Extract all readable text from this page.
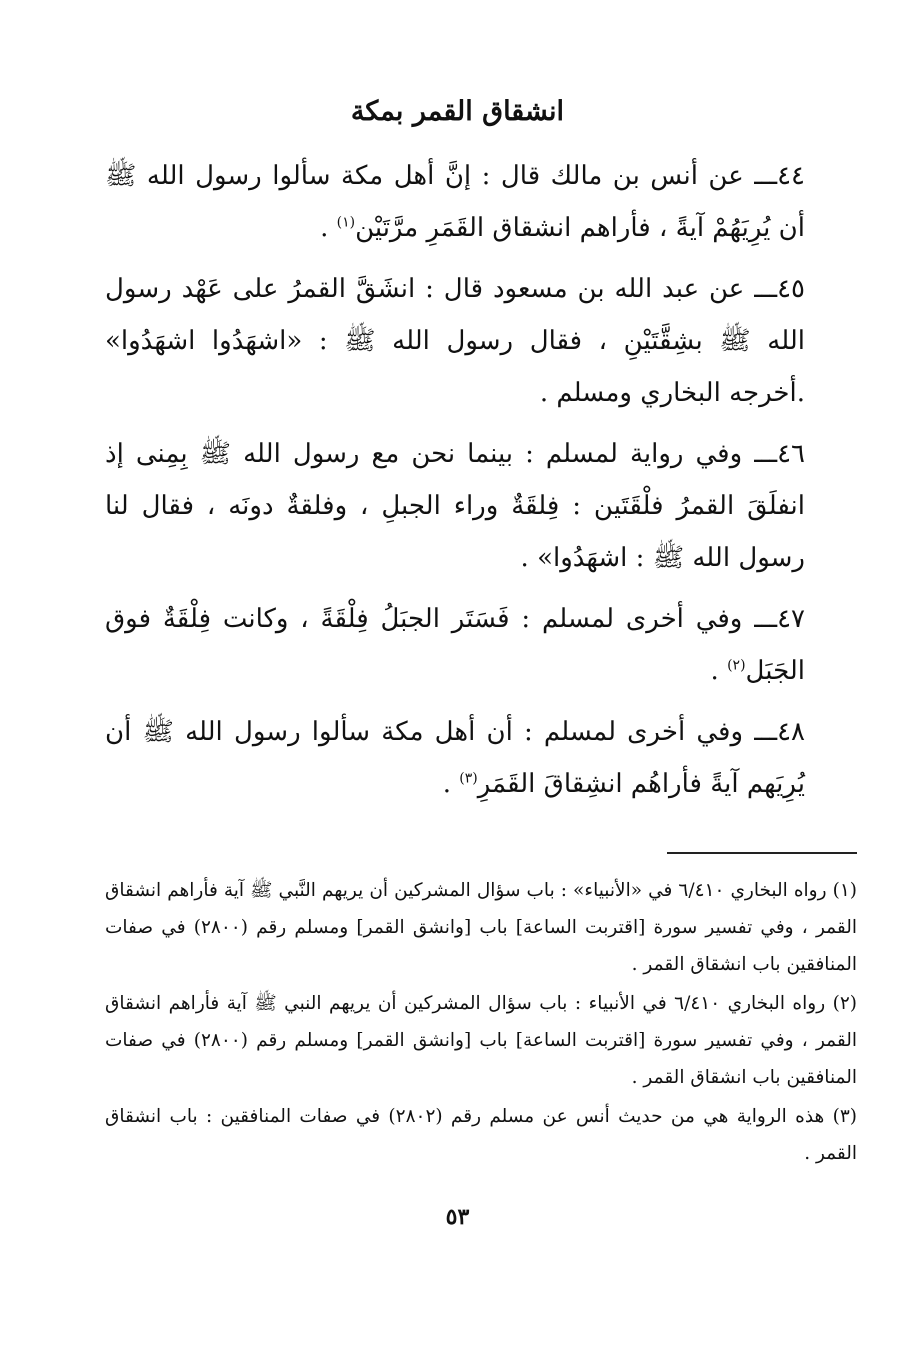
انشقاق القمر بمكة

٤٤ـــ عن أنس بن مالك قال : إنَّ أهل مكة سألوا رسول الله ﷺ أن يُرِيَهُمْ آيةً ، فأراهم انشقاق القَمَرِ مرَّتَيْن$^{(١)}$ .

٤٥ـــ عن عبد الله بن مسعود قال : انشَقَّ القمرُ على عَهْد رسول الله ﷺ بشِقَّتَيْنِ ، فقال رسول الله ﷺ : «اشهَدُوا اشهَدُوا» .أخرجه البخاري ومسلم .

٤٦ـــ وفي رواية لمسلم : بينما نحن مع رسول الله ﷺ بِمِنى إذ انفلَقَ القمرُ فلْقَتَين : فِلقَةٌ وراء الجبلِ ، وفلقةٌ دونَه ، فقال لنا رسول الله ﷺ : اشهَدُوا» .

٤٧ـــ وفي أخرى لمسلم : فَسَتَر الجبَلُ فِلْقَةً ، وكانت فِلْقَةٌ فوق الجَبَل$^{(٢)}$ .

٤٨ـــ وفي أخرى لمسلم : أن أهل مكة سألوا رسول الله ﷺ أن يُرِيَهم آيةً فأراهُم انشِقاقَ القَمَرِ$^{(٣)}$ .

(١) رواه البخاري ٦/٤١٠ في «الأنبياء» : باب سؤال المشركين أن يريهم النَّبي ﷺ آية فأراهم انشقاق القمر ، وفي تفسير سورة [اقتربت الساعة] باب [وانشق القمر] ومسلم رقم (٢٨٠٠) في صفات المنافقين باب انشقاق القمر .

(٢) رواه البخاري ٦/٤١٠ في الأنبياء : باب سؤال المشركين أن يريهم النبي ﷺ آية فأراهم انشقاق القمر ، وفي تفسير سورة [اقتربت الساعة] باب [وانشق القمر] ومسلم رقم (٢٨٠٠) في صفات المنافقين باب انشقاق القمر .

(٣) هذه الرواية هي من حديث أنس عن مسلم رقم (٢٨٠٢) في صفات المنافقين : باب انشقاق القمر .

٥٣
